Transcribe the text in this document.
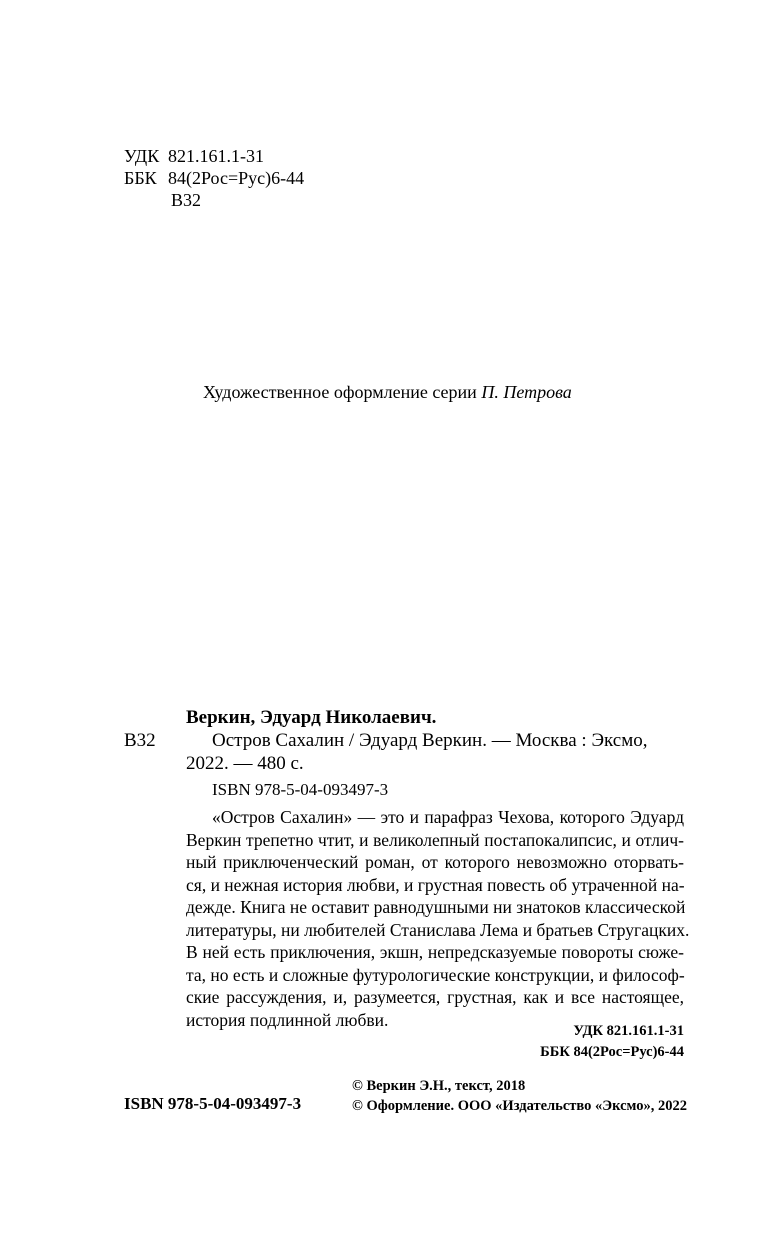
УДК 821.161.1-31
ББК 84(2Рос=Рус)6-44
В32
Художественное оформление серии П. Петрова
Веркин, Эдуард Николаевич.
В32	Остров Сахалин / Эдуард Веркин. — Москва : Эксмо,
2022. — 480 с.
ISBN 978-5-04-093497-3
«Остров Сахалин» — это и парафраз Чехова, которого Эдуард
Веркин трепетно чтит, и великолепный постапокалипсис, и отлич-
ный приключенческий роман, от которого невозможно оторвать-
ся, и нежная история любви, и грустная повесть об утраченной на-
дежде. Книга не оставит равнодушными ни знатоков классической
литературы, ни любителей Станислава Лема и братьев Стругацких.
В ней есть приключения, экшн, непредсказуемые повороты сюже-
та, но есть и сложные футурологические конструкции, и философ-
ские рассуждения, и, разумеется, грустная, как и все настоящее,
история подлинной любви.
УДК 821.161.1-31
ББК 84(2Рос=Рус)6-44
ISBN 978-5-04-093497-3
© Веркин Э.Н., текст, 2018
© Оформление. ООО «Издательство «Эксмо», 2022
